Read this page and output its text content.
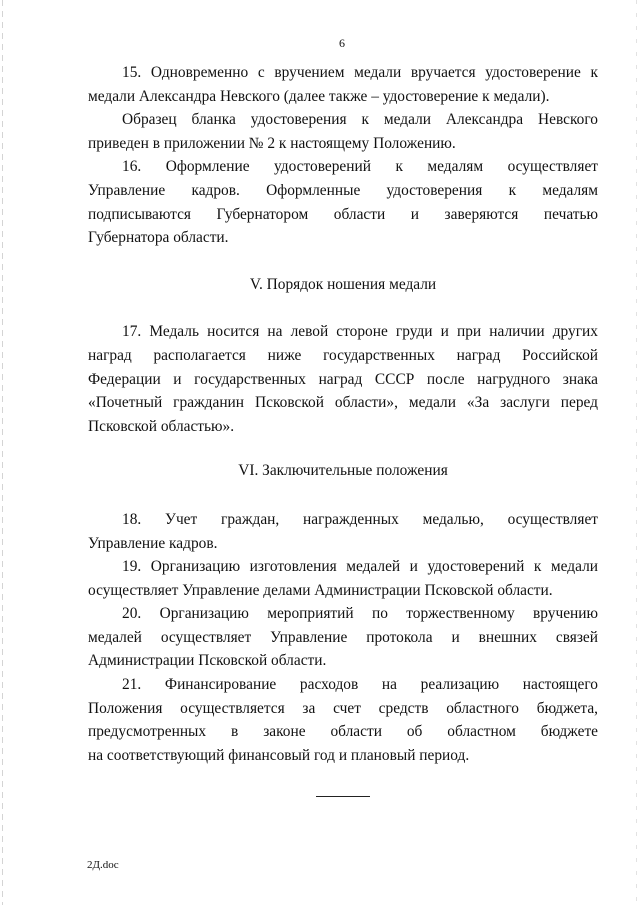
6
15. Одновременно с вручением медали вручается удостоверение к
медали Александра Невского (далее также – удостоверение к медали).
Образец бланка удостоверения к медали Александра Невского
приведен в приложении № 2 к настоящему Положению.
16. Оформление удостоверений к медалям осуществляет
Управление кадров. Оформленные удостоверения к медалям
подписываются Губернатором области и заверяются печатью
Губернатора области.

V. Порядок ношения медали

17. Медаль носится на левой стороне груди и при наличии других
наград располагается ниже государственных наград Российской
Федерации и государственных наград СССР после нагрудного знака
«Почетный гражданин Псковской области», медали «За заслуги перед
Псковской областью».

VI. Заключительные положения

18. Учет граждан, награжденных медалью, осуществляет
Управление кадров.
19. Организацию изготовления медалей и удостоверений к медали
осуществляет Управление делами Администрации Псковской области.
20. Организацию мероприятий по торжественному вручению
медалей осуществляет Управление протокола и внешних связей
Администрации Псковской области.
21. Финансирование расходов на реализацию настоящего
Положения осуществляется за счет средств областного бюджета,
предусмотренных в законе области об областном бюджете
на соответствующий финансовый год и плановый период.
2Д.doc
